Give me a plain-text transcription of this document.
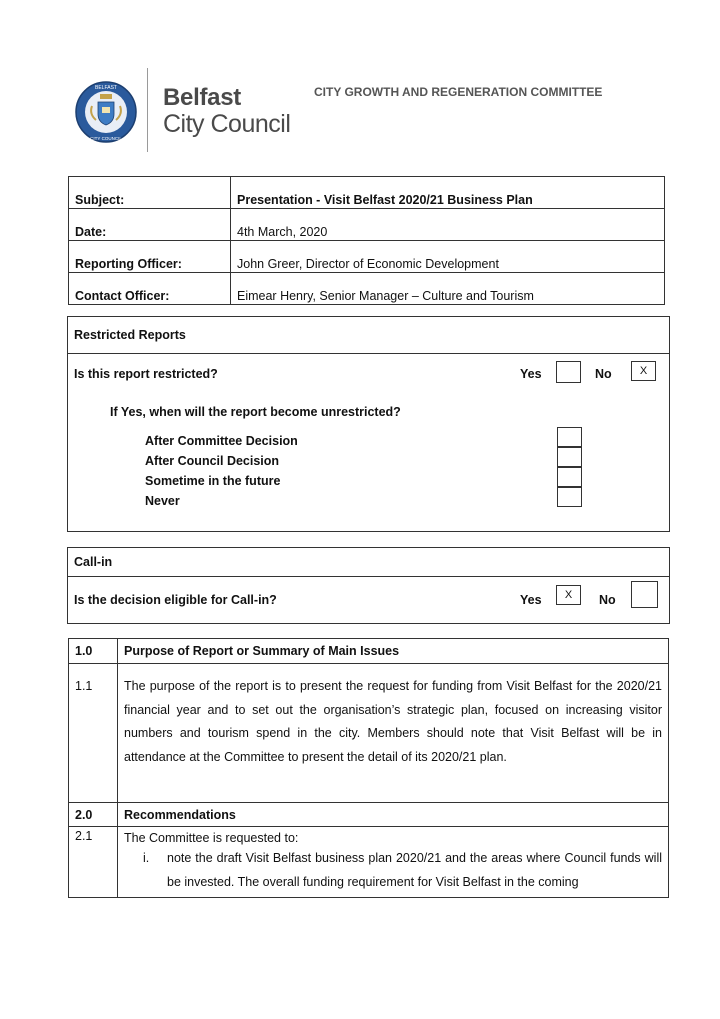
BELFAST
CITY COUNCIL
Belfast
City Council
CITY GROWTH AND REGENERATION COMMITTEE
Subject:	Presentation - Visit Belfast 2020/21 Business Plan
Date:	4th March, 2020
Reporting Officer:	John Greer, Director of Economic Development
Contact Officer:	Eimear Henry, Senior Manager – Culture and Tourism
Restricted Reports
Is this report restricted?	Yes	No	X
If Yes, when will the report become unrestricted?
After Committee Decision
After Council Decision
Sometime in the future
Never
Call-in
Is the decision eligible for Call-in?	Yes	X	No
1.0	Purpose of Report or Summary of Main Issues
1.1	The purpose of the report is to present the request for funding from Visit Belfast for the 2020/21 financial year and to set out the organisation’s strategic plan, focused on increasing visitor numbers and tourism spend in the city. Members should note that Visit Belfast will be in attendance at the Committee to present the detail of its 2020/21 plan.
2.0	Recommendations
2.1	The Committee is requested to:
i. note the draft Visit Belfast business plan 2020/21 and the areas where Council funds will be invested. The overall funding requirement for Visit Belfast in the coming
